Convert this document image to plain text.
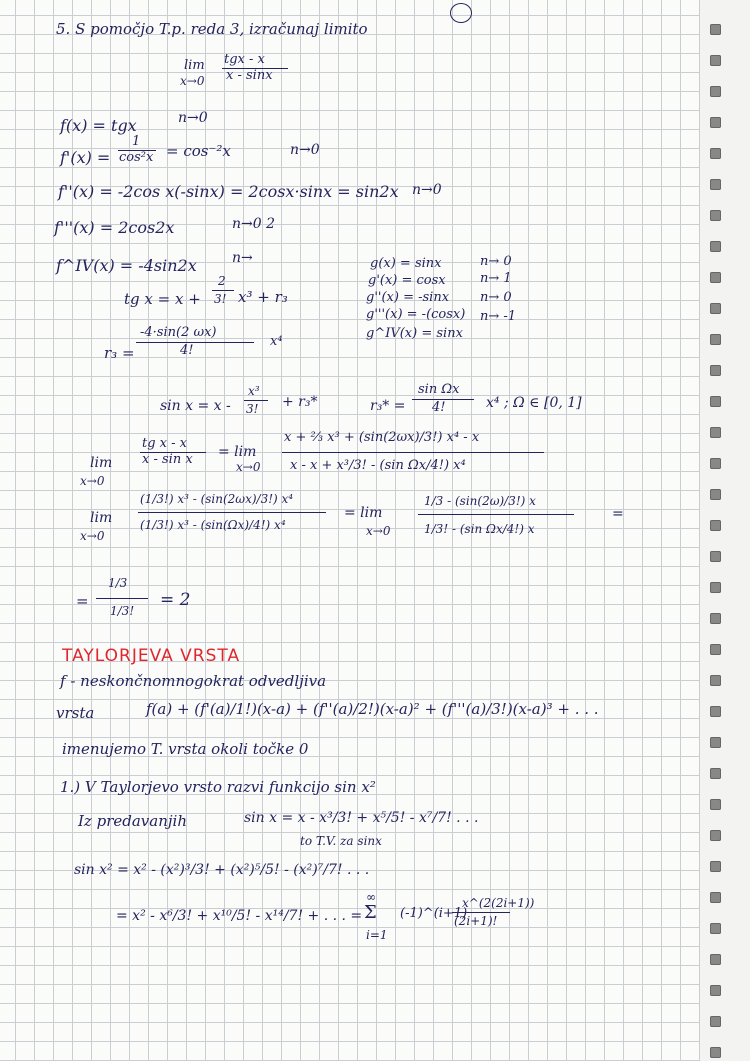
5. S pomočjo T.p. reda 3, izračunaj limito
lim
x→0
tgx - x
x - sinx
f(x) = tgx	n→0
f'(x) =
1
cos²x = cos⁻²x	n→0
f''(x) = -2cos x(-sinx) = 2cosx·sinx = sin2x n→0
f'''(x) = 2cos2x	n→0 2
f^IV(x) = -4sin2x	n→
tg x = x +
2
3! x³ + r₃
r₃ =
-4·sin(2 ωx)
4!
x⁴
g(x) = sinx	n→ 0
g'(x) = cosx	n→ 1
g''(x) = -sinx n→ 0
g'''(x) = -(cosx) n→ -1
g^IV(x) = sinx
sin x = x -
x³
3! + r₃*	r₃* =
sin Ωx
4!	x⁴ ; Ω ∈ [0, 1]
lim
x→0
tg x - x
x - sin x = lim
x→0
x + ⅔ x³ + (sin(2ωx)/3!) x⁴ - x
x - x + x³/3! - (sin Ωx/4!) x⁴
lim
x→0
(1/3!) x³ - (sin(2ωx)/3!) x⁴
(1/3!) x³ - (sin(Ωx)/4!) x⁴
= lim
x→0
1/3 - (sin(2ω)/3!) x
1/3! - (sin Ωx/4!) x
=
=
1/3
1/3!
= 2
TAYLORJEVA VRSTA
f - neskončnomnogokrat odvedljiva
vrsta	f(a) + (f'(a)/1!)(x-a) + (f''(a)/2!)(x-a)² + (f'''(a)/3!)(x-a)³ + . . .
imenujemo T. vrsta okoli točke 0
1.) V Taylorjevo vrsto razvi funkcijo sin x²
Iz predavanjih	sin x = x - x³/3! + x⁵/5! - x⁷/7! . . .
to T.V. za sinx
sin x² = x² - (x²)³/3! + (x²)⁵/5! - (x²)⁷/7! . . .
= x² - x⁶/3! + x¹⁰/5! - x¹⁴/7! + . . . =
∞
Σ
i=1
(-1)^(i+1)
x^(2(2i+1))
(2i+1)!
